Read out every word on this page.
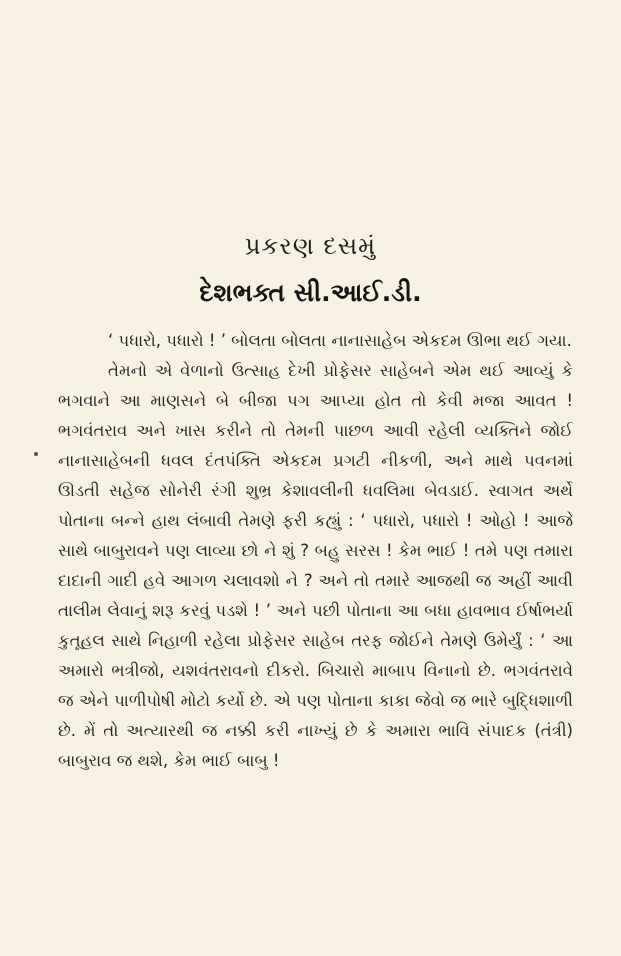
પ્રકરણ દસમું
દેશભક્ત સી.આઈ.ડી.

‘ પધારો, પધારો ! ’ બોલતા બોલતા નાનાસાહેબ એકદમ ઊભા થઈ ગયા.

તેમનો એ વેળાનો ઉત્સાહ દેખી પ્રોફેસર સાહેબને એમ થઈ આવ્યું કે ભગવાને આ માણસને બે બીજા પગ આપ્યા હોત તો કેવી મજા આવત ! ભગવંતરાવ અને ખાસ કરીને તો તેમની પાછળ આવી રહેલી વ્યક્તિને જોઈ નાનાસાહેબની ધવલ દંતપંક્તિ એકદમ પ્રગટી નીકળી, અને માથે પવનમાં ઊડતી સહેજ સોનેરી રંગી શુભ્ર કેશાવલીની ધવલિમા બેવડાઈ. સ્વાગત અર્થે પોતાના બન્ને હાથ લંબાવી તેમણે ફરી કહ્યું : ‘ પધારો, પધારો ! ઓહો ! આજે સાથે બાબુરાવને પણ લાવ્યા છો ને શું ? બહુ સરસ ! કેમ ભાઈ ! તમે પણ તમારા દાદાની ગાદી હવે આગળ ચલાવશો ને ? અને તો તમારે આજથી જ અહીં આવી તાલીમ લેવાનું શરૂ કરવું પડશે ! ’ અને પછી પોતાના આ બધા હાવભાવ ઈર્ષાભર્યા કુતૂહલ સાથે નિહાળી રહેલા પ્રોફેસર સાહેબ તરફ જોઈને તેમણે ઉમેર્યું : ‘ આ અમારો ભત્રીજો, યશવંતરાવનો દીકરો. બિચારો માબાપ વિનાનો છે. ભગવંતરાવે જ એને પાળીપોષી મોટો કર્યો છે. એ પણ પોતાના કાકા જેવો જ ભારે બુદ્ધિશાળી છે. મેં તો અત્યારથી જ નક્કી કરી નાખ્યું છે કે અમારા ભાવિ સંપાદક (તંત્રી) બાબુરાવ જ થશે, કેમ ભાઈ બાબુ !
